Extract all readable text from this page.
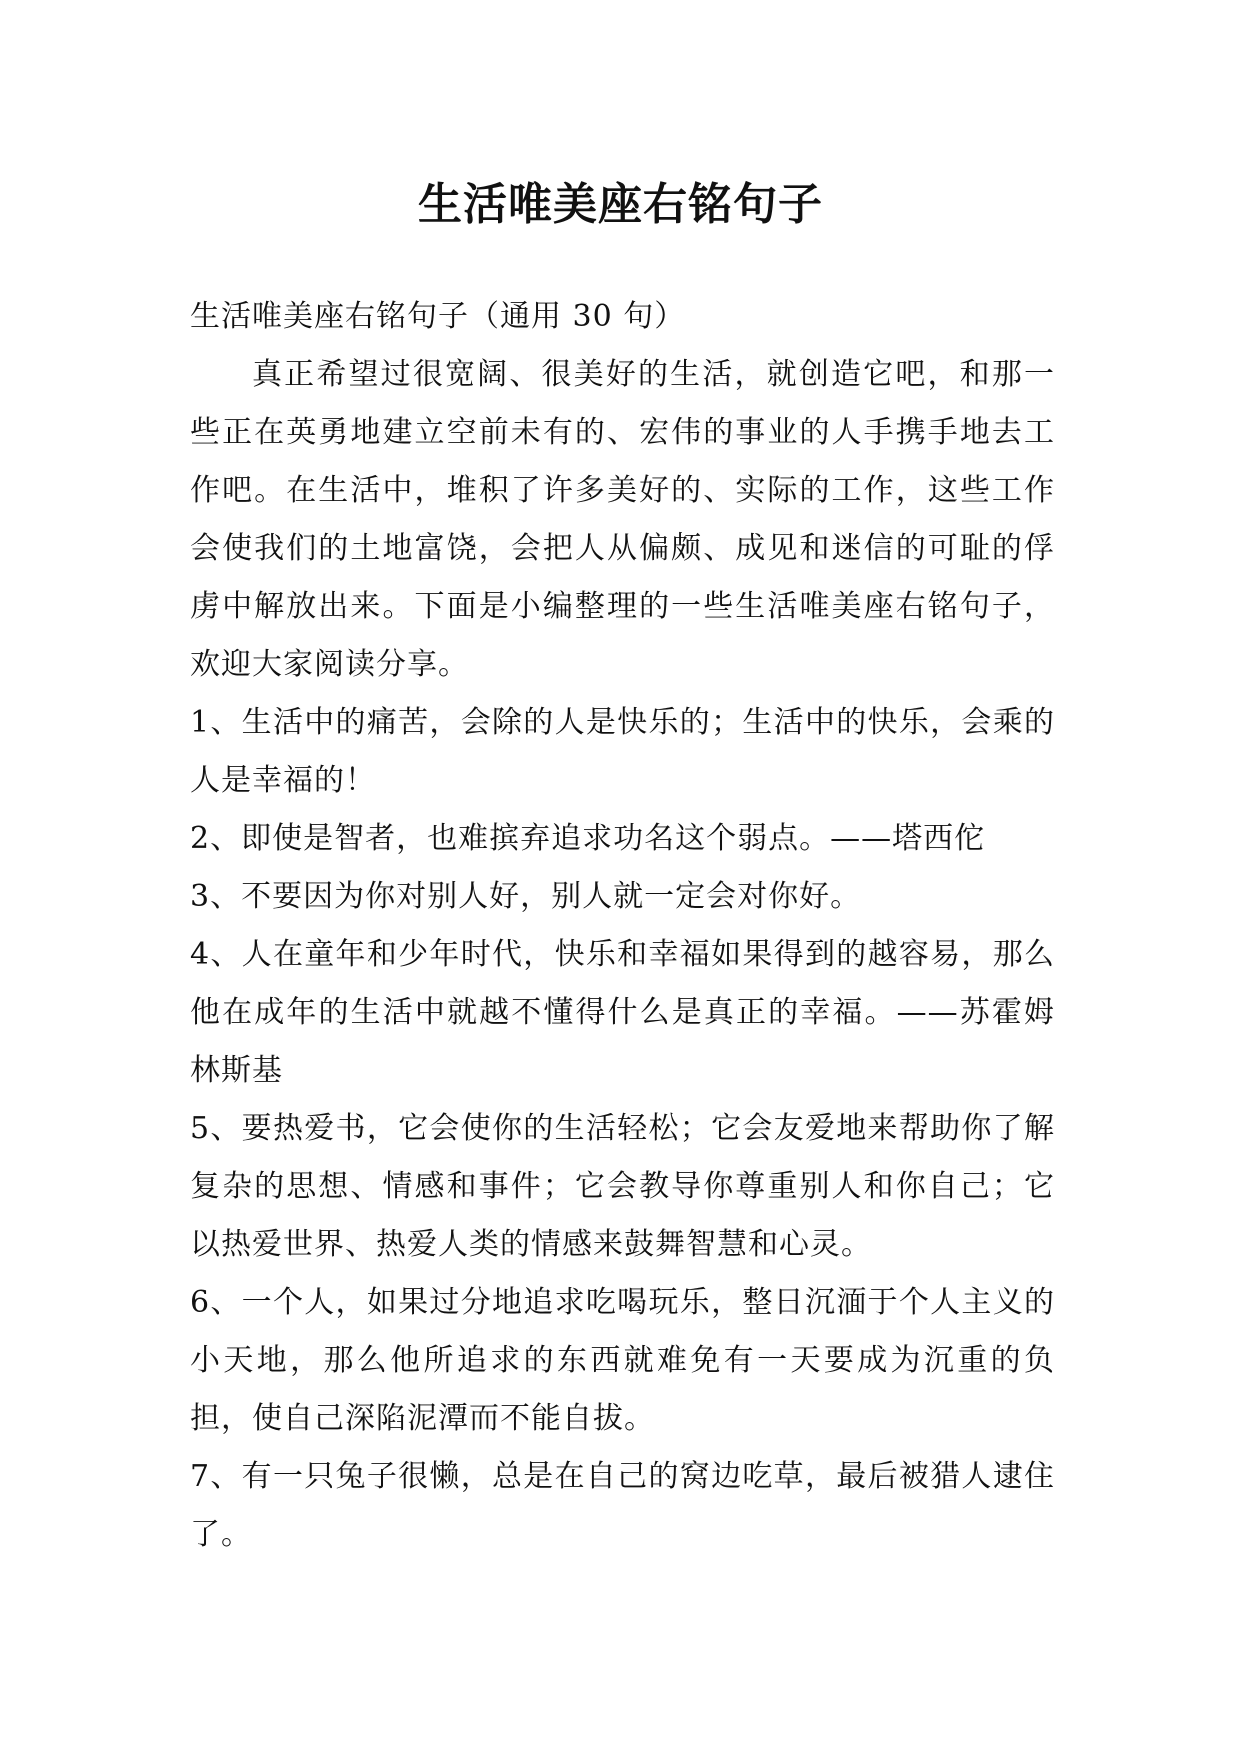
生活唯美座右铭句子

生活唯美座右铭句子（通用 30 句）

真正希望过很宽阔、很美好的生活，就创造它吧，和那一些正在英勇地建立空前未有的、宏伟的事业的人手携手地去工作吧。在生活中，堆积了许多美好的、实际的工作，这些工作会使我们的土地富饶，会把人从偏颇、成见和迷信的可耻的俘虏中解放出来。下面是小编整理的一些生活唯美座右铭句子，欢迎大家阅读分享。

1、生活中的痛苦，会除的人是快乐的；生活中的快乐，会乘的人是幸福的！

2、即使是智者，也难摈弃追求功名这个弱点。——塔西佗

3、不要因为你对别人好，别人就一定会对你好。

4、人在童年和少年时代，快乐和幸福如果得到的越容易，那么他在成年的生活中就越不懂得什么是真正的幸福。——苏霍姆林斯基

5、要热爱书，它会使你的生活轻松；它会友爱地来帮助你了解复杂的思想、情感和事件；它会教导你尊重别人和你自己；它以热爱世界、热爱人类的情感来鼓舞智慧和心灵。

6、一个人，如果过分地追求吃喝玩乐，整日沉湎于个人主义的小天地，那么他所追求的东西就难免有一天要成为沉重的负担，使自己深陷泥潭而不能自拔。

7、有一只兔子很懒，总是在自己的窝边吃草，最后被猎人逮住了。
